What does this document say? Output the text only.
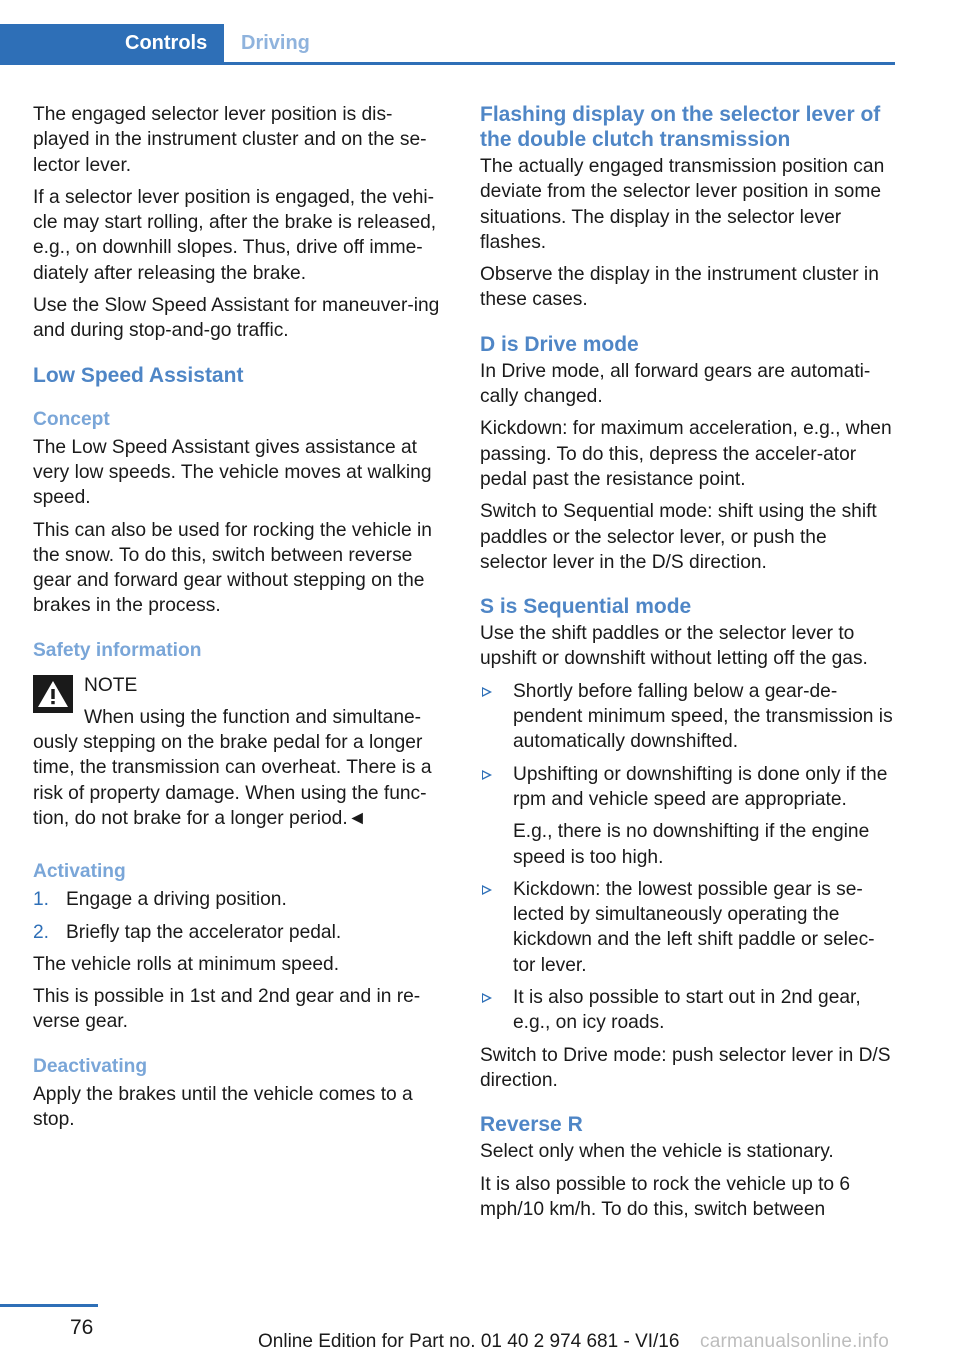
Controls Driving

The engaged selector lever position is dis-played in the instrument cluster and on the se-lector lever.

If a selector lever position is engaged, the vehi-cle may start rolling, after the brake is released, e.g., on downhill slopes. Thus, drive off imme-diately after releasing the brake.

Use the Slow Speed Assistant for maneuver-ing and during stop-and-go traffic.

Low Speed Assistant
Concept

The Low Speed Assistant gives assistance at very low speeds. The vehicle moves at walking speed.

This can also be used for rocking the vehicle in the snow. To do this, switch between reverse gear and forward gear without stepping on the brakes in the process.

Safety information
NOTE

When using the function and simultane-ously stepping on the brake pedal for a longer time, the transmission can overheat. There is a risk of property damage. When using the func-tion, do not brake for a longer period.◄

Activating
1. Engage a driving position.
2. Briefly tap the accelerator pedal.

The vehicle rolls at minimum speed.

This is possible in 1st and 2nd gear and in re-verse gear.

Deactivating

Apply the brakes until the vehicle comes to a stop.

Flashing display on the selector lever of the double clutch transmission

The actually engaged transmission position can deviate from the selector lever position in some situations. The display in the selector lever flashes.

Observe the display in the instrument cluster in these cases.

D is Drive mode

In Drive mode, all forward gears are automati-cally changed.

Kickdown: for maximum acceleration, e.g., when passing. To do this, depress the acceler-ator pedal past the resistance point.

Switch to Sequential mode: shift using the shift paddles or the selector lever, or push the selector lever in the D/S direction.

S is Sequential mode

Use the shift paddles or the selector lever to upshift or downshift without letting off the gas.

Shortly before falling below a gear-de-pendent minimum speed, the transmission is automatically downshifted.
Upshifting or downshifting is done only if the rpm and vehicle speed are appropriate.
E.g., there is no downshifting if the engine speed is too high.
Kickdown: the lowest possible gear is se-lected by simultaneously operating the kickdown and the left shift paddle or selec-tor lever.
It is also possible to start out in 2nd gear, e.g., on icy roads.

Switch to Drive mode: push selector lever in D/S direction.

Reverse R

Select only when the vehicle is stationary.

It is also possible to rock the vehicle up to 6 mph/10 km/h. To do this, switch between

76
Online Edition for Part no. 01 40 2 974 681 - VI/16 carmanualsonline.info
